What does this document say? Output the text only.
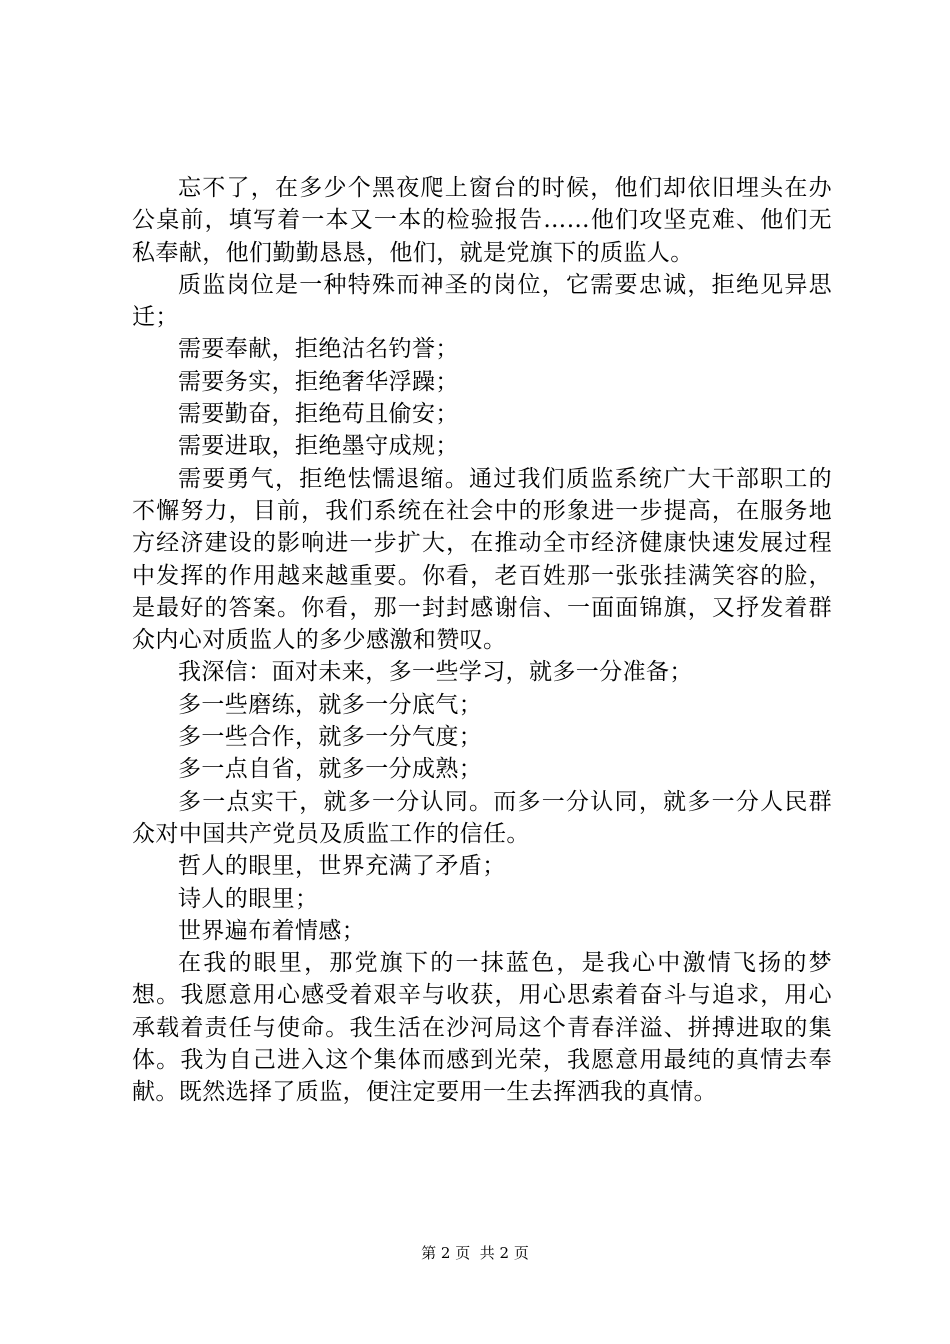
忘不了，在多少个黑夜爬上窗台的时候，他们却依旧埋头在办公桌前，填写着一本又一本的检验报告……他们攻坚克难、他们无私奉献，他们勤勤恳恳，他们，就是党旗下的质监人。

质监岗位是一种特殊而神圣的岗位，它需要忠诚，拒绝见异思迁；

需要奉献，拒绝沽名钓誉；

需要务实，拒绝奢华浮躁；

需要勤奋，拒绝苟且偷安；

需要进取，拒绝墨守成规；

需要勇气，拒绝怯懦退缩。通过我们质监系统广大干部职工的不懈努力，目前，我们系统在社会中的形象进一步提高，在服务地方经济建设的影响进一步扩大，在推动全市经济健康快速发展过程中发挥的作用越来越重要。你看，老百姓那一张张挂满笑容的脸，是最好的答案。你看，那一封封感谢信、一面面锦旗，又抒发着群众内心对质监人的多少感激和赞叹。

我深信：面对未来，多一些学习，就多一分准备；

多一些磨练，就多一分底气；

多一些合作，就多一分气度；

多一点自省，就多一分成熟；

多一点实干，就多一分认同。而多一分认同，就多一分人民群众对中国共产党员及质监工作的信任。

哲人的眼里，世界充满了矛盾；

诗人的眼里；

世界遍布着情感；

在我的眼里，那党旗下的一抹蓝色，是我心中激情飞扬的梦想。我愿意用心感受着艰辛与收获，用心思索着奋斗与追求，用心承载着责任与使命。我生活在沙河局这个青春洋溢、拼搏进取的集体。我为自己进入这个集体而感到光荣，我愿意用最纯的真情去奉献。既然选择了质监，便注定要用一生去挥洒我的真情。

第 2 页  共 2 页
